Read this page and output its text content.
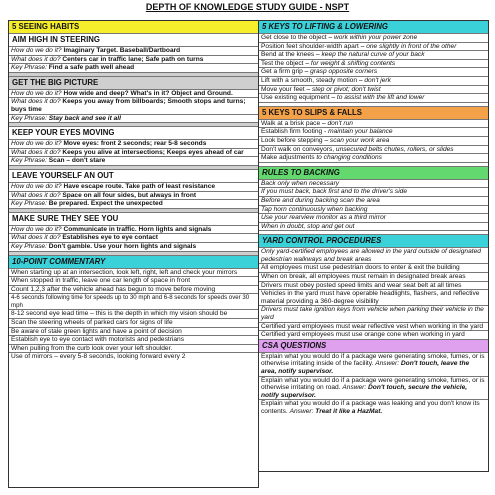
DEPTH OF KNOWLEDGE STUDY GUIDE - NSPT
5 SEEING HABITS
AIM HIGH IN STEERING
How do we do it? Imaginary Target. Baseball/Dartboard
What does it do? Centers car in traffic lane; Safe path on turns
Key Phrase: Find a safe path well ahead
GET THE BIG PICTURE
How do we do it? How wide and deep? What's in it? Object and Ground.
What does it do? Keeps you away from billboards; Smooth stops and turns; buys time
Key Phrase: Stay back and see it all
KEEP YOUR EYES MOVING
How do we do it? Move eyes: front 2 seconds; rear 5-8 seconds
What does it do? Keeps you alive at intersections; Keeps eyes ahead of car
Key Phrase: Scan – don't stare
LEAVE YOURSELF AN OUT
How do we do it? Have escape route. Take path of least resistance
What does it do? Space on all four sides, but always in front
Key Phrase: Be prepared. Expect the unexpected
MAKE SURE THEY SEE YOU
How do we do it? Communicate in traffic. Horn lights and signals
What does it do? Establishes eye to eye contact
Key Phrase: Don't gamble. Use your horn lights and signals
10-POINT COMMENTARY
When starting up at an intersection, look left, right, left and check your mirrors
When stopped in traffic, leave one car length of space in front
Count 1,2,3 after the vehicle ahead has begun to move before moving
4-6 seconds following time for speeds up to 30 mph and 6-8 seconds for speeds over 30 mph
8-12 second eye lead time – this is the depth in which my vision should be
Scan the steering wheels of parked cars for signs of life
Be aware of stale green lights and have a point of decision
Establish eye to eye contact with motorists and pedestrians
When pulling from the curb look over your left shoulder.
Use of mirrors – every 5-8 seconds, looking forward every 2
5 KEYS TO LIFTING & LOWERING
Get close to the object – work within your power zone
Position feet shoulder-width apart – one slightly in front of the other
Bend at the knees – keep the natural curve of your back
Test the object – for weight & shifting contents
Get a firm grip – grasp opposite corners
Lift with a smooth, steady motion – don't jerk
Move your feet – step or pivot; don't twist
Use existing equipment – to assist with the lift and lower
5 KEYS TO SLIPS & FALLS
Walk at a brisk pace – don't run
Establish firm footing - maintain your balance
Look before stepping – scan your work area
Don't walk on conveyors, unsecured belts chutes, rollers, or slides
Make adjustments to changing conditions
RULES TO BACKING
Back only when necessary
If you must back, back first and to the driver's side
Before and during backing scan the area
Tap horn continuously when backing
Use your rearview monitor as a third mirror
When in doubt, stop and get out
YARD CONTROL PROCEDURES
Only yard-certified employees are allowed in the yard outside of designated pedestrian walkways and break areas
All employees must use pedestrian doors to enter & exit the building
When on break, all employees must remain in designated break areas
Drivers must obey posted speed limits and wear seat belt at all times
Vehicles in the yard must have operable headlights, flashers, and reflective material providing a 360-degree visibility
Drivers must take ignition keys from vehicle when parking their vehicle in the yard
Certified yard employees must wear reflective vest when working in the yard
Certified yard employees must use orange cone when working in yard
CSA QUESTIONS
Explain what you would do if a package were generating smoke, fumes, or is otherwise irritating inside of the facility. Answer: Don't touch, leave the area, notify supervisor.
Explain what you would do if a package were generating smoke, fumes, or is otherwise irritating on road. Answer: Don't touch, secure the vehicle, notify supervisor.
Explain what you would do if a package was leaking and you don't know its contents. Answer: Treat it like a HazMat.
